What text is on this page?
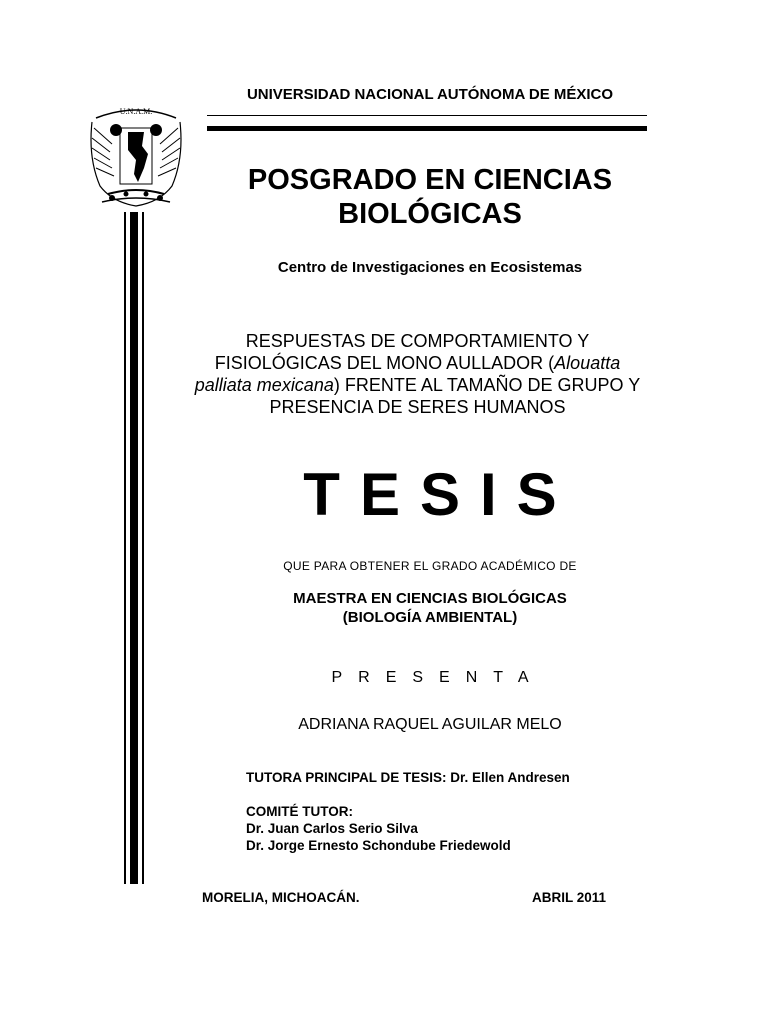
U.N.A.M.
UNIVERSIDAD NACIONAL AUTÓNOMA DE MÉXICO
POSGRADO EN CIENCIAS
BIOLÓGICAS
Centro de Investigaciones en Ecosistemas
RESPUESTAS DE COMPORTAMIENTO Y
FISIOLÓGICAS DEL MONO AULLADOR (Alouatta
palliata mexicana) FRENTE AL TAMAÑO DE GRUPO Y
PRESENCIA DE SERES HUMANOS
TESIS
QUE PARA OBTENER EL GRADO ACADÉMICO DE
MAESTRA EN CIENCIAS BIOLÓGICAS
(BIOLOGÍA AMBIENTAL)
PRESENTA
ADRIANA RAQUEL AGUILAR MELO
TUTORA PRINCIPAL DE TESIS: Dr. Ellen Andresen
COMITÉ TUTOR:
Dr. Juan Carlos Serio Silva
Dr. Jorge Ernesto Schondube Friedewold
MORELIA, MICHOACÁN.	ABRIL 2011
